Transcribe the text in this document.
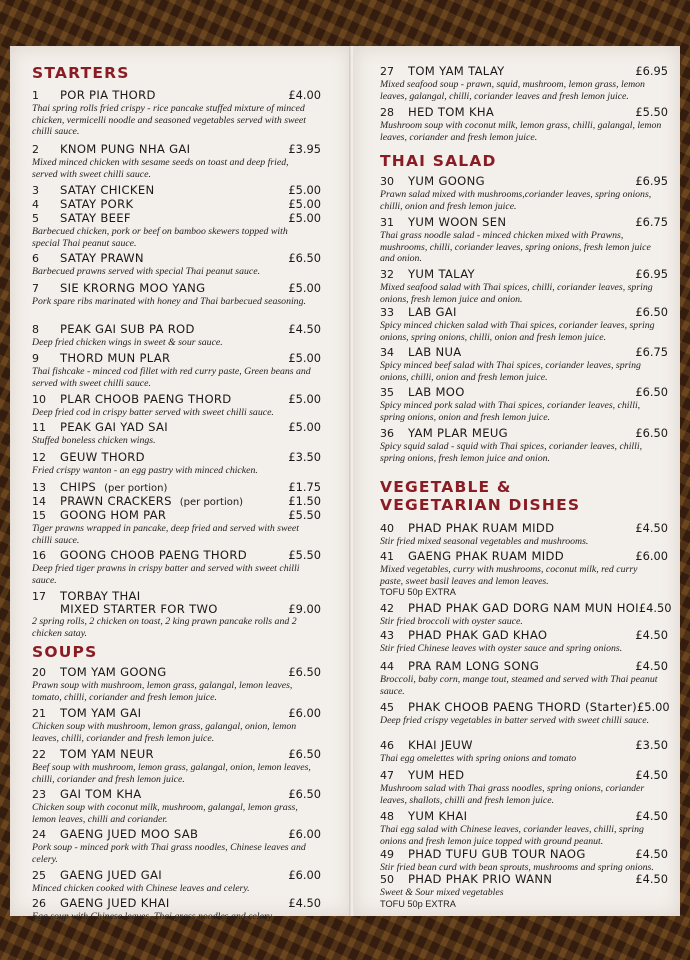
STARTERS
1	POR PIA THORD	£4.00
Thai spring rolls fried crispy - rice pancake stuffed mixture of minced chicken, vermicelli noodle and seasoned vegetables served with sweet chilli sauce.
2	KNOM PUNG NHA GAI	£3.95
Mixed minced chicken with sesame seeds on toast and deep fried, served with sweet chilli sauce.
3	SATAY CHICKEN	£5.00
4	SATAY PORK	£5.00
5	SATAY BEEF	£5.00
Barbecued chicken, pork or beef on bamboo skewers topped with special Thai peanut sauce.
6	SATAY PRAWN	£6.50
Barbecued prawns served with special Thai peanut sauce.
7	SIE KRORNG MOO YANG	£5.00
Pork spare ribs marinated with honey and Thai barbecued seasoning.
8	PEAK GAI SUB PA ROD	£4.50
Deep fried chicken wings in sweet & sour sauce.
9	THORD MUN PLAR	£5.00
Thai fishcake - minced cod fillet with red curry paste, Green beans and served with sweet chilli sauce.
10	PLAR CHOOB PAENG THORD	£5.00
Deep fried cod in crispy batter served with sweet chilli sauce.
11	PEAK GAI YAD SAI	£5.00
Stuffed boneless chicken wings.
12	GEUW THORD	£3.50
Fried crispy wanton - an egg pastry with minced chicken.
13	CHIPS (per portion)	£1.75
14	PRAWN CRACKERS (per portion)	£1.50
15	GOONG HOM PAR	£5.50
Tiger prawns wrapped in pancake, deep fried and served with sweet chilli sauce.
16	GOONG CHOOB PAENG THORD	£5.50
Deep fried tiger prawns in crispy batter and served with sweet chilli sauce.
17	TORBAY THAI
MIXED STARTER FOR TWO	£9.00
2 spring rolls, 2 chicken on toast, 2 king prawn pancake rolls and 2 chicken satay.
SOUPS
20	TOM YAM GOONG	£6.50
Prawn soup with mushroom, lemon grass, galangal, lemon leaves, tomato, chilli, coriander and fresh lemon juice.
21	TOM YAM GAI	£6.00
Chicken soup with mushroom, lemon grass, galangal, onion, lemon leaves, chilli, coriander and fresh lemon juice.
22	TOM YAM NEUR	£6.50
Beef soup with mushroom, lemon grass, galangal, onion, lemon leaves, chilli, coriander and fresh lemon juice.
23	GAI TOM KHA	£6.50
Chicken soup with coconut milk, mushroom, galangal, lemon grass, lemon leaves, chilli and coriander.
24	GAENG JUED MOO SAB	£6.00
Pork soup - minced pork with Thai grass noodles, Chinese leaves and celery.
25	GAENG JUED GAI	£6.00
Minced chicken cooked with Chinese leaves and celery.
26	GAENG JUED KHAI	£4.50
Egg soup with Chinese leaves, Thai grass noodles and celery
27	TOM YAM TALAY	£6.95
Mixed seafood soup - prawn, squid, mushroom, lemon grass, lemon leaves, galangal, chilli, coriander leaves and fresh lemon juice.
28	HED TOM KHA	£5.50
Mushroom soup with coconut milk, lemon grass, chilli, galangal, lemon leaves, coriander and fresh lemon juice.
THAI SALAD
30	YUM GOONG	£6.95
Prawn salad mixed with mushrooms,coriander leaves, spring onions, chilli, onion and fresh lemon juice.
31	YUM WOON SEN	£6.75
Thai grass noodle salad - minced chicken mixed with Prawns, mushrooms, chilli, coriander leaves, spring onions, fresh lemon juice and onion.
32	YUM TALAY	£6.95
Mixed seafood salad with Thai spices, chilli, coriander leaves, spring onions, fresh lemon juice and onion.
33	LAB GAI	£6.50
Spicy minced chicken salad with Thai spices, coriander leaves, spring onions, spring onions, chilli, onion and fresh lemon juice.
34	LAB NUA	£6.75
Spicy minced beef salad with Thai spices, coriander leaves, spring onions, chilli, onion and fresh lemon juice.
35	LAB MOO	£6.50
Spicy minced pork salad with Thai spices, coriander leaves, chilli, spring onions, onion and fresh lemon juice.
36	YAM PLAR MEUG	£6.50
Spicy squid salad - squid with Thai spices, coriander leaves, chilli, spring onions, fresh lemon juice and onion.
VEGETABLE &
VEGETARIAN DISHES
40	PHAD PHAK RUAM MIDD	£4.50
Stir fried mixed seasonal vegetables and mushrooms.
41	GAENG PHAK RUAM MIDD	£6.00
Mixed vegetables, curry with mushrooms, coconut milk, red curry paste, sweet basil leaves and lemon leaves.
TOFU 50p EXTRA
42	PHAD PHAK GAD DORG NAM MUN HOI £4.50
Stir fried broccoli with oyster sauce.
43	PHAD PHAK GAD KHAO	£4.50
Stir fried Chinese leaves with oyster sauce and spring onions.
44	PRA RAM LONG SONG	£4.50
Broccoli, baby corn, mange tout, steamed and served with Thai peanut sauce.
45	PHAK CHOOB PAENG THORD (Starter) £5.00
Deep fried crispy vegetables in batter served with sweet chilli sauce.
46	KHAI JEUW	£3.50
Thai egg omelettes with spring onions and tomato
47	YUM HED	£4.50
Mushroom salad with Thai grass noodles, spring onions, coriander leaves, shallots, chilli and fresh lemon juice.
48	YUM KHAI	£4.50
Thai egg salad with Chinese leaves, coriander leaves, chilli, spring onions and fresh lemon juice topped with ground peanut.
49	PHAD TUFU GUB TOUR NAOG	£4.50
Stir fried bean curd with bean sprouts, mushrooms and spring onions.
50	PHAD PHAK PRIO WANN	£4.50
Sweet & Sour mixed vegetables
TOFU 50p EXTRA
